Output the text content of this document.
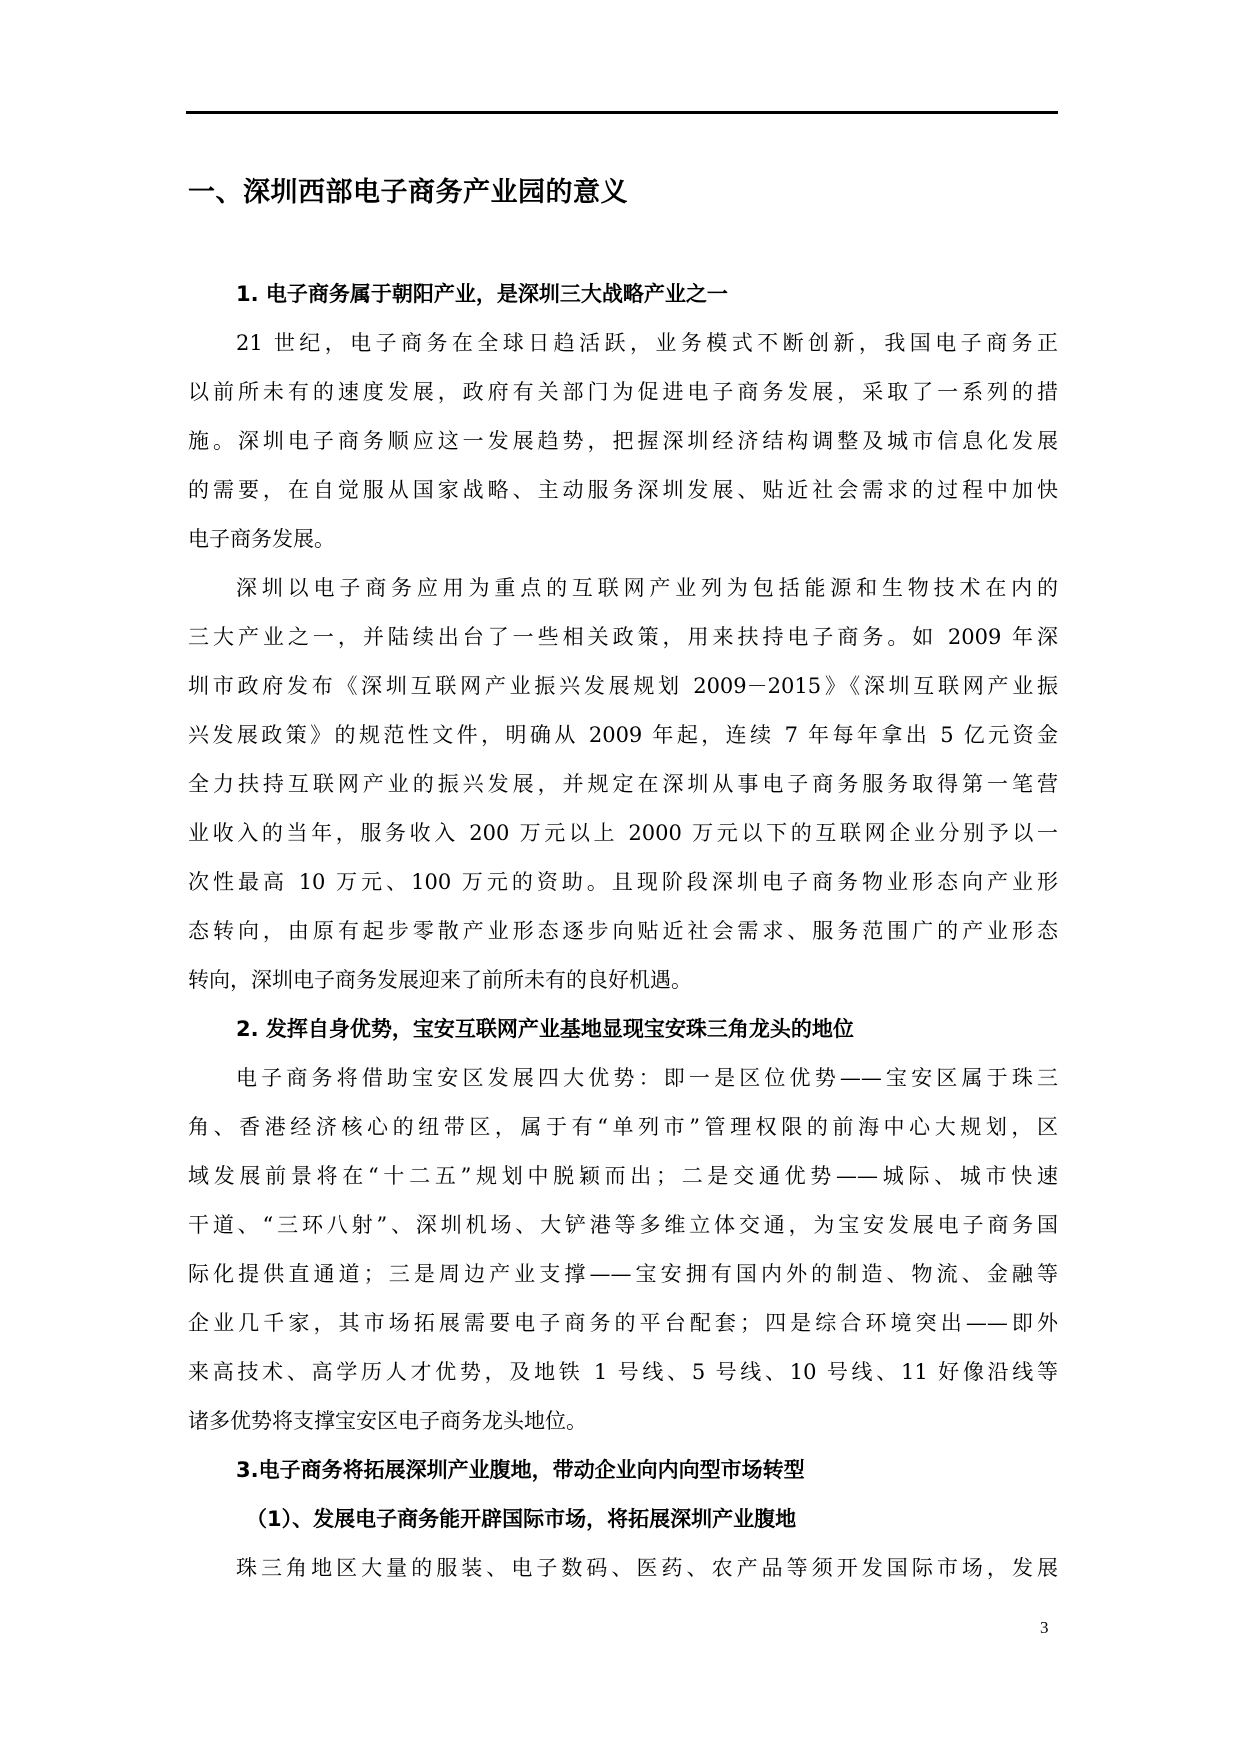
一、深圳西部电子商务产业园的意义
1. 电子商务属于朝阳产业，是深圳三大战略产业之一
21 世纪，电子商务在全球日趋活跃，业务模式不断创新，我国电子商务正
以前所未有的速度发展，政府有关部门为促进电子商务发展，采取了一系列的措
施。深圳电子商务顺应这一发展趋势，把握深圳经济结构调整及城市信息化发展
的需要，在自觉服从国家战略、主动服务深圳发展、贴近社会需求的过程中加快
电子商务发展。
深圳以电子商务应用为重点的互联网产业列为包括能源和生物技术在内的
三大产业之一，并陆续出台了一些相关政策，用来扶持电子商务。如 2009 年深
圳市政府发布《深圳互联网产业振兴发展规划 2009－2015》《深圳互联网产业振
兴发展政策》的规范性文件，明确从 2009 年起，连续 7 年每年拿出 5 亿元资金
全力扶持互联网产业的振兴发展，并规定在深圳从事电子商务服务取得第一笔营
业收入的当年，服务收入 200 万元以上 2000 万元以下的互联网企业分别予以一
次性最高 10 万元、100 万元的资助。且现阶段深圳电子商务物业形态向产业形
态转向，由原有起步零散产业形态逐步向贴近社会需求、服务范围广的产业形态
转向，深圳电子商务发展迎来了前所未有的良好机遇。
2. 发挥自身优势，宝安互联网产业基地显现宝安珠三角龙头的地位
电子商务将借助宝安区发展四大优势：即一是区位优势——宝安区属于珠三
角、香港经济核心的纽带区，属于有“单列市”管理权限的前海中心大规划，区
域发展前景将在“十二五”规划中脱颖而出；二是交通优势——城际、城市快速
干道、“三环八射”、深圳机场、大铲港等多维立体交通，为宝安发展电子商务国
际化提供直通道；三是周边产业支撑——宝安拥有国内外的制造、物流、金融等
企业几千家，其市场拓展需要电子商务的平台配套；四是综合环境突出——即外
来高技术、高学历人才优势，及地铁 1 号线、5 号线、10 号线、11 好像沿线等
诸多优势将支撑宝安区电子商务龙头地位。
3.电子商务将拓展深圳产业腹地，带动企业向内向型市场转型
（1）、发展电子商务能开辟国际市场，将拓展深圳产业腹地
珠三角地区大量的服装、电子数码、医药、农产品等须开发国际市场，发展
3
